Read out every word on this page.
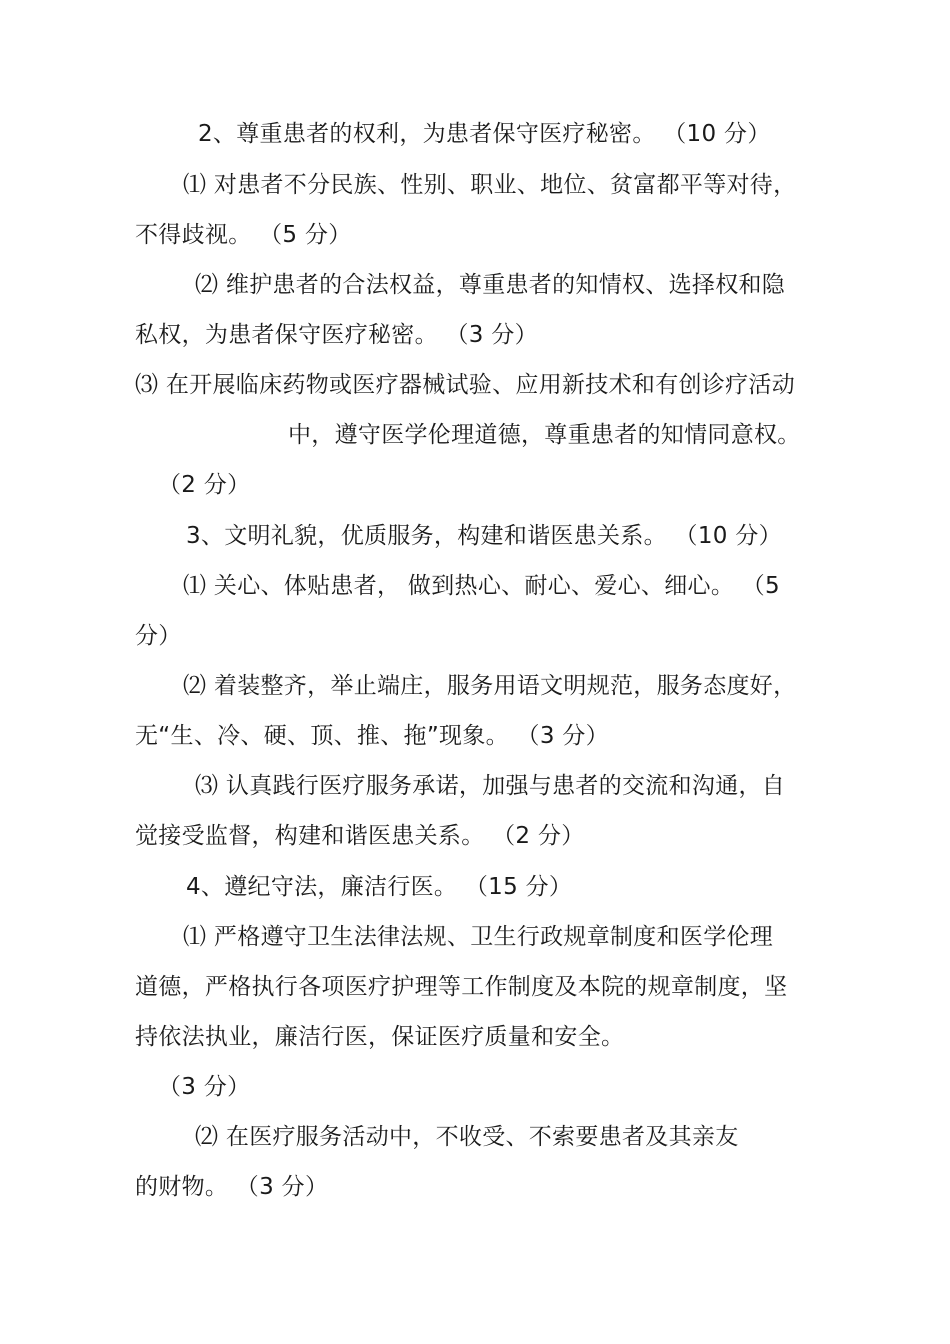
2、尊重患者的权利，为患者保守医疗秘密。 （10 分）
⑴ 对患者不分民族、性别、职业、地位、贫富都平等对待，
不得歧视。 （5 分）
⑵ 维护患者的合法权益，尊重患者的知情权、选择权和隐
私权，为患者保守医疗秘密。 （3 分）
⑶ 在开展临床药物或医疗器械试验、应用新技术和有创诊疗活动
中，遵守医学伦理道德，尊重患者的知情同意权。
（2 分）
3、文明礼貌，优质服务，构建和谐医患关系。 （10 分）
⑴ 关心、体贴患者， 做到热心、耐心、爱心、细心。 （5
分）
⑵ 着装整齐，举止端庄，服务用语文明规范，服务态度好，
无“生、冷、硬、顶、推、拖”现象。 （3 分）
⑶ 认真践行医疗服务承诺，加强与患者的交流和沟通，自
觉接受监督，构建和谐医患关系。 （2 分）
4、遵纪守法，廉洁行医。 （15 分）
⑴ 严格遵守卫生法律法规、卫生行政规章制度和医学伦理
道德，严格执行各项医疗护理等工作制度及本院的规章制度，坚
持依法执业，廉洁行医，保证医疗质量和安全。
（3 分）
⑵ 在医疗服务活动中，不收受、不索要患者及其亲友
的财物。 （3 分）
